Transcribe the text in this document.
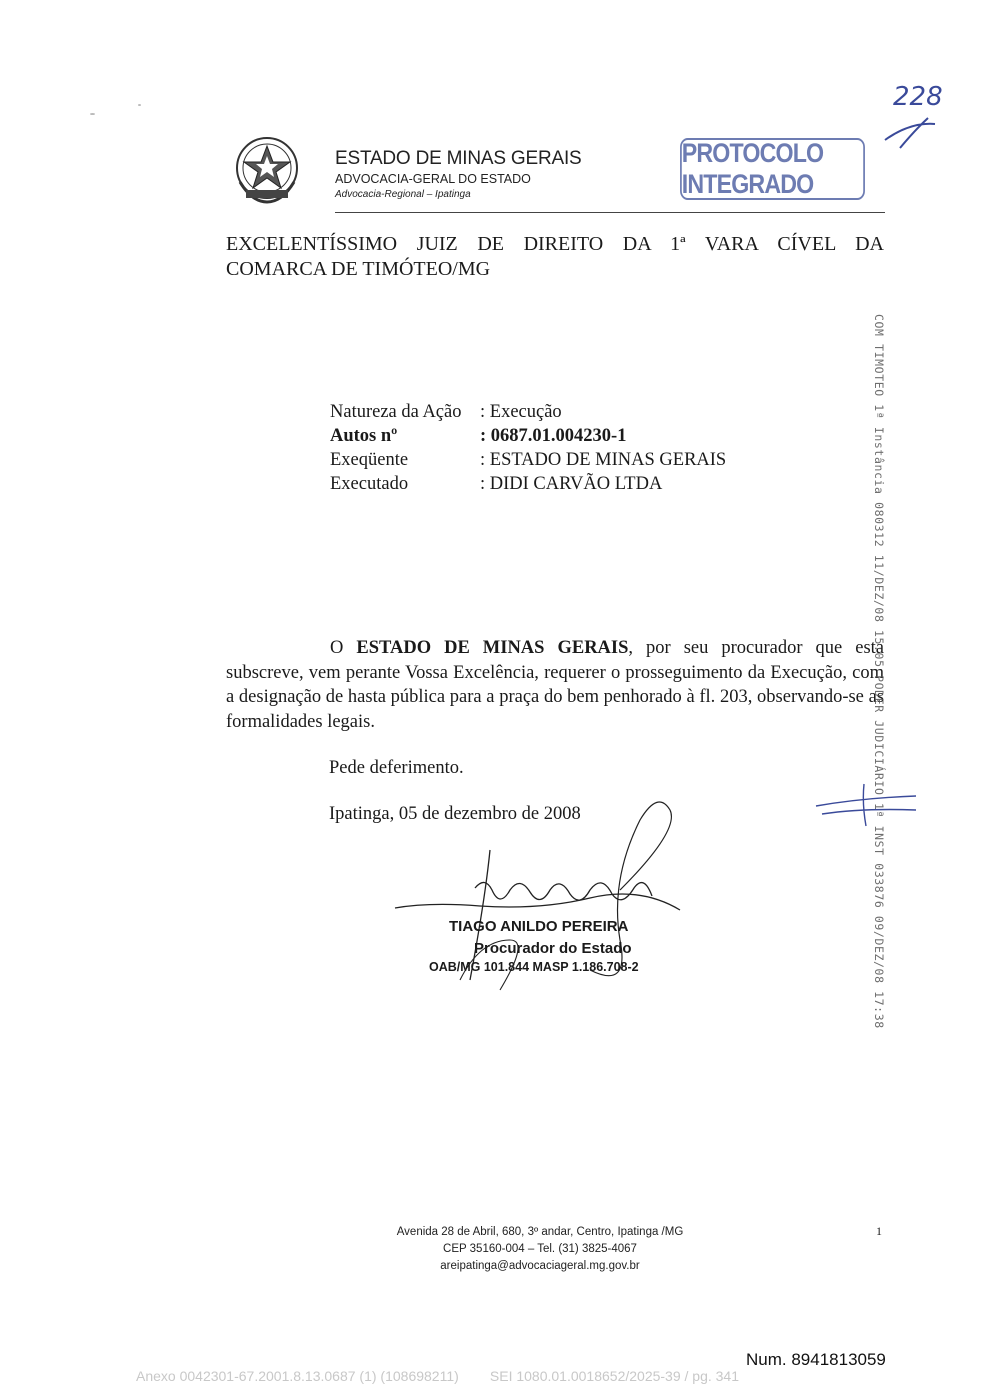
ESTADO DE MINAS GERAIS
ADVOCACIA-GERAL DO ESTADO
Advocacia-Regional – Ipatinga
PROTOCOLO INTEGRADO
228
EXCELENTÍSSIMO JUIZ DE DIREITO DA 1ª VARA CÍVEL DA
COMARCA DE TIMÓTEO/MG
Natureza da Ação	: Execução
Autos nº	: 0687.01.004230-1
Exeqüente	: ESTADO DE MINAS GERAIS
Executado	: DIDI CARVÃO LTDA
O ESTADO DE MINAS GERAIS, por seu procurador que esta subscreve, vem perante Vossa Excelência, requerer o prosseguimento da Execução, com a designação de hasta pública para a praça do bem penhorado à fl. 203, observando-se as formalidades legais.
Pede deferimento.
Ipatinga, 05 de dezembro de 2008
TIAGO ANILDO PEREIRA
Procurador do Estado
OAB/MG 101.844 MASP 1.186.708-2	COM TIMOTEO 1ª Instância 080312 11/DEZ/08 15:05 PODER JUDICIÁRIO 1ª INST 033876 09/DEZ/08 17:38
Avenida 28 de Abril, 680, 3º andar, Centro, Ipatinga /MG
CEP 35160-004 – Tel. (31) 3825-4067
areipatinga@advocaciageral.mg.gov.br
1
Num. 8941813059
Anexo 0042301-67.2001.8.13.0687 (1) (108698211)        SEI 1080.01.0018652/2025-39 / pg. 341
